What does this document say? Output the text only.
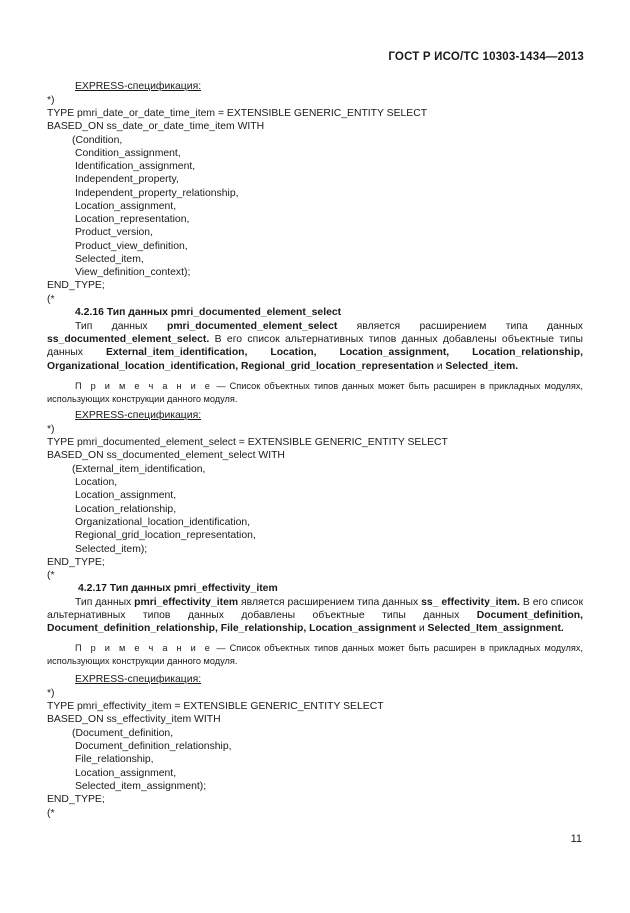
ГОСТ Р ИСО/ТС 10303-1434—2013
EXPRESS-спецификация:
*)
TYPE pmri_date_or_date_time_item = EXTENSIBLE GENERIC_ENTITY SELECT
BASED_ON ss_date_or_date_time_item WITH
(Condition,
Condition_assignment,
Identification_assignment,
Independent_property,
Independent_property_relationship,
Location_assignment,
Location_representation,
Product_version,
Product_view_definition,
Selected_item,
View_definition_context);
END_TYPE;
(*
4.2.16 Тип данных pmri_documented_element_select
Тип данных pmri_documented_element_select является расширением типа данных ss_documented_element_select. В его список альтернативных типов данных добавлены объектные типы данных External_item_identification, Location, Location_assignment, Location_relationship, Organizational_location_identification, Regional_grid_location_representation и Selected_item.
П р и м е ч а н и е — Список объектных типов данных может быть расширен в прикладных модулях, использующих конструкции данного модуля.
EXPRESS-спецификация:
*)
TYPE pmri_documented_element_select = EXTENSIBLE GENERIC_ENTITY SELECT
BASED_ON ss_documented_element_select WITH
(External_item_identification,
Location,
Location_assignment,
Location_relationship,
Organizational_location_identification,
Regional_grid_location_representation,
Selected_item);
END_TYPE;
(*
4.2.17 Тип данных pmri_effectivity_item
Тип данных pmri_effectivity_item является расширением типа данных ss_ effectivity_item. В его список альтернативных типов данных добавлены объектные типы данных Document_definition, Document_definition_relationship, File_relationship, Location_assignment и Selected_Item_assignment.
П р и м е ч а н и е — Список объектных типов данных может быть расширен в прикладных модулях, использующих конструкции данного модуля.
EXPRESS-спецификация:
*)
TYPE pmri_effectivity_item = EXTENSIBLE GENERIC_ENTITY SELECT
BASED_ON ss_effectivity_item WITH
(Document_definition,
Document_definition_relationship,
File_relationship,
Location_assignment,
Selected_item_assignment);
END_TYPE;
(*
11
